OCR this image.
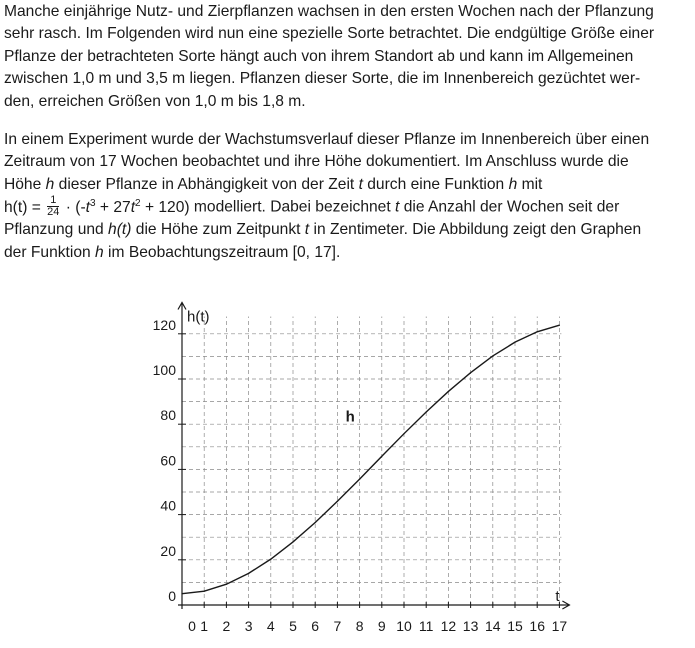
Manche einjährige Nutz- und Zierpflanzen wachsen in den ersten Wochen nach der Pflanzung
sehr rasch. Im Folgenden wird nun eine spezielle Sorte betrachtet. Die endgültige Größe einer
Pflanze der betrachteten Sorte hängt auch von ihrem Standort ab und kann im Allgemeinen
zwischen 1,0 m und 3,5 m liegen. Pflanzen dieser Sorte, die im Innenbereich gezüchtet wer-
den, erreichen Größen von 1,0 m bis 1,8 m.
In einem Experiment wurde der Wachstumsverlauf dieser Pflanze im Innenbereich über einen
Zeitraum von 17 Wochen beobachtet und ihre Höhe dokumentiert. Im Anschluss wurde die
Höhe h dieser Pflanze in Abhängigkeit von der Zeit t durch eine Funktion h mit
$h(t) = \frac{1}{24} \cdot (-t^3 + 27t^2 + 120)$ modelliert. Dabei bezeichnet t die Anzahl der Wochen seit der
Pflanzung und h(t) die Höhe zum Zeitpunkt t in Zentimeter. Die Abbildung zeigt den Graphen
der Funktion h im Beobachtungszeitraum [0, 17].
0 1 2 3 4 5 6 7 8 9 10 11 12 13 14 15 16 17
0
20
40
60
80
100
120
t
h(t)
h
